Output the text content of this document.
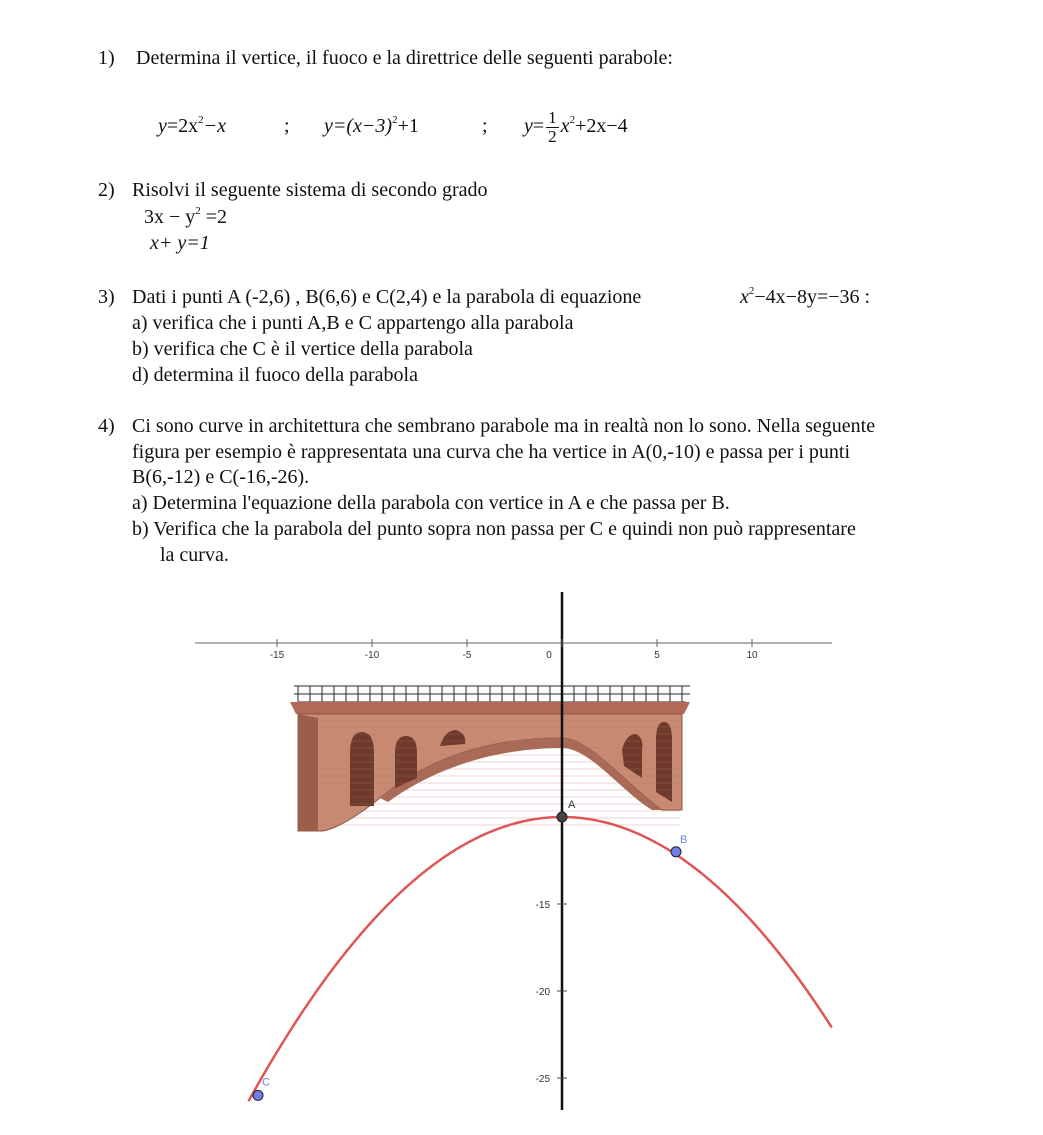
1) Determina il vertice, il fuoco e la direttrice delle seguenti parabole:
$y=2x^2-x$	; $y=(x-3)^2+1$	; $y= \frac{1}{2} x^2+2x-4$
2) Risolvi il seguente sistema di secondo grado
$3x - y^2 =2$
x+ y=1
3) Dati i punti A (-2,6) , B(6,6) e C(2,4) e la parabola di equazione	$x^2-4x-8y=-36$ :
a) verifica che i punti A,B e C appartengo alla parabola
b) verifica che C è il vertice della parabola
d) determina il fuoco della parabola
4) Ci sono curve in architettura che sembrano parabole ma in realtà non lo sono. Nella seguente
figura per esempio è rappresentata una curva che ha vertice in A(0,-10) e passa per i punti
B(6,-12) e C(-16,-26).
a) Determina l'equazione della parabola con vertice in A e che passa per B.
b) Verifica che la parabola del punto sopra non passa per C e quindi non può rappresentare
la curva.
-15	-10	-5	0	5	10
-15
-20
-25
A
B
C
